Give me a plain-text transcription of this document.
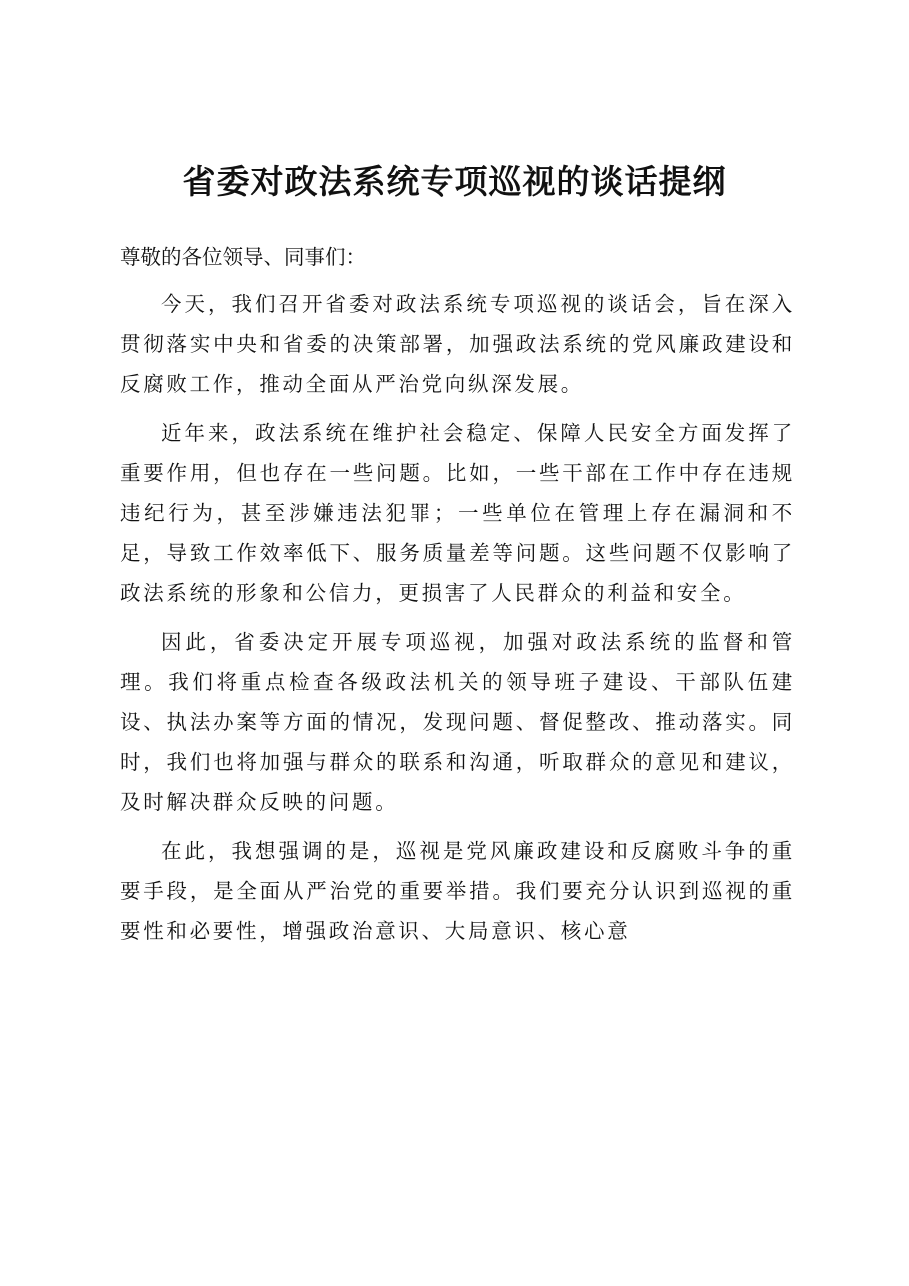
省委对政法系统专项巡视的谈话提纲
尊敬的各位领导、同事们：

今天，我们召开省委对政法系统专项巡视的谈话会，旨在深入贯彻落实中央和省委的决策部署，加强政法系统的党风廉政建设和反腐败工作，推动全面从严治党向纵深发展。

近年来，政法系统在维护社会稳定、保障人民安全方面发挥了重要作用，但也存在一些问题。比如，一些干部在工作中存在违规违纪行为，甚至涉嫌违法犯罪；一些单位在管理上存在漏洞和不足，导致工作效率低下、服务质量差等问题。这些问题不仅影响了政法系统的形象和公信力，更损害了人民群众的利益和安全。

因此，省委决定开展专项巡视，加强对政法系统的监督和管理。我们将重点检查各级政法机关的领导班子建设、干部队伍建设、执法办案等方面的情况，发现问题、督促整改、推动落实。同时，我们也将加强与群众的联系和沟通，听取群众的意见和建议，及时解决群众反映的问题。

在此，我想强调的是，巡视是党风廉政建设和反腐败斗争的重要手段，是全面从严治党的重要举措。我们要充分认识到巡视的重要性和必要性，增强政治意识、大局意识、核心意
